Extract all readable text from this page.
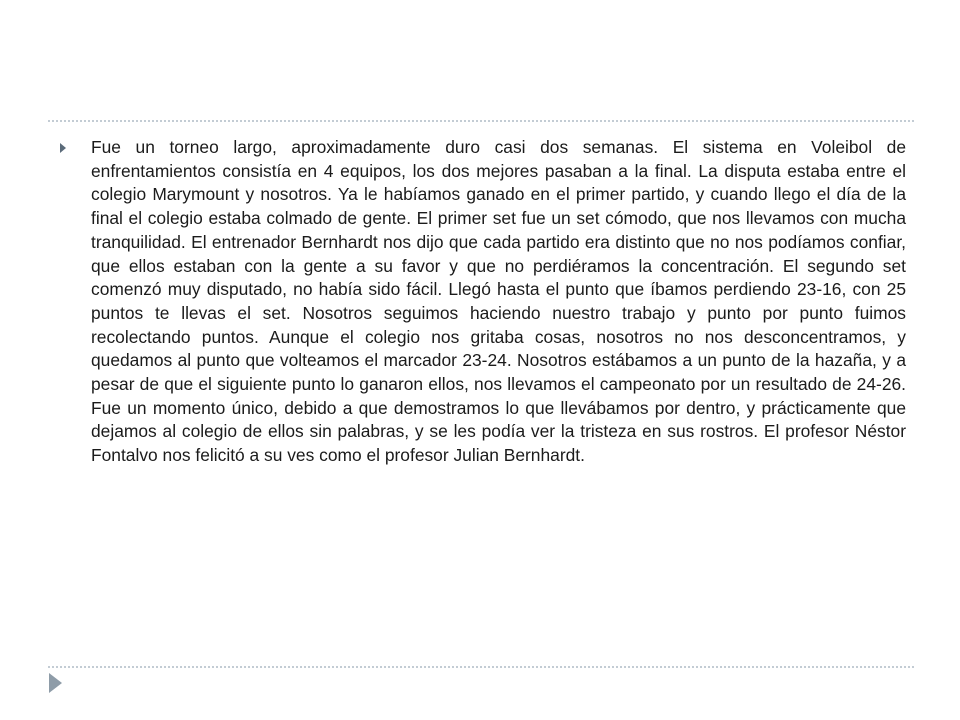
Fue un torneo largo, aproximadamente duro casi dos semanas. El sistema en Voleibol de enfrentamientos consistía en 4 equipos, los dos mejores pasaban a la final. La disputa estaba entre el colegio Marymount y nosotros. Ya le habíamos ganado en el primer partido, y cuando llego el día de la final el colegio estaba colmado de gente. El primer set fue un set cómodo, que nos llevamos con mucha tranquilidad. El entrenador Bernhardt nos dijo que cada partido era distinto que no nos podíamos confiar, que ellos estaban con la gente a su favor y que no perdiéramos la concentración. El segundo set comenzó muy disputado, no había sido fácil. Llegó hasta el punto que íbamos perdiendo 23-16, con 25 puntos te llevas el set. Nosotros seguimos haciendo nuestro trabajo y punto por punto fuimos recolectando puntos. Aunque el colegio nos gritaba cosas, nosotros no nos desconcentramos, y quedamos al punto que volteamos el marcador 23-24. Nosotros estábamos a un punto de la hazaña, y a pesar de que el siguiente punto lo ganaron ellos, nos llevamos el campeonato por un resultado de 24-26. Fue un momento único, debido a que demostramos lo que llevábamos por dentro, y prácticamente que dejamos al colegio de ellos sin palabras, y se les podía ver la tristeza en sus rostros. El profesor Néstor Fontalvo nos felicitó a su ves como el profesor Julian Bernhardt.
